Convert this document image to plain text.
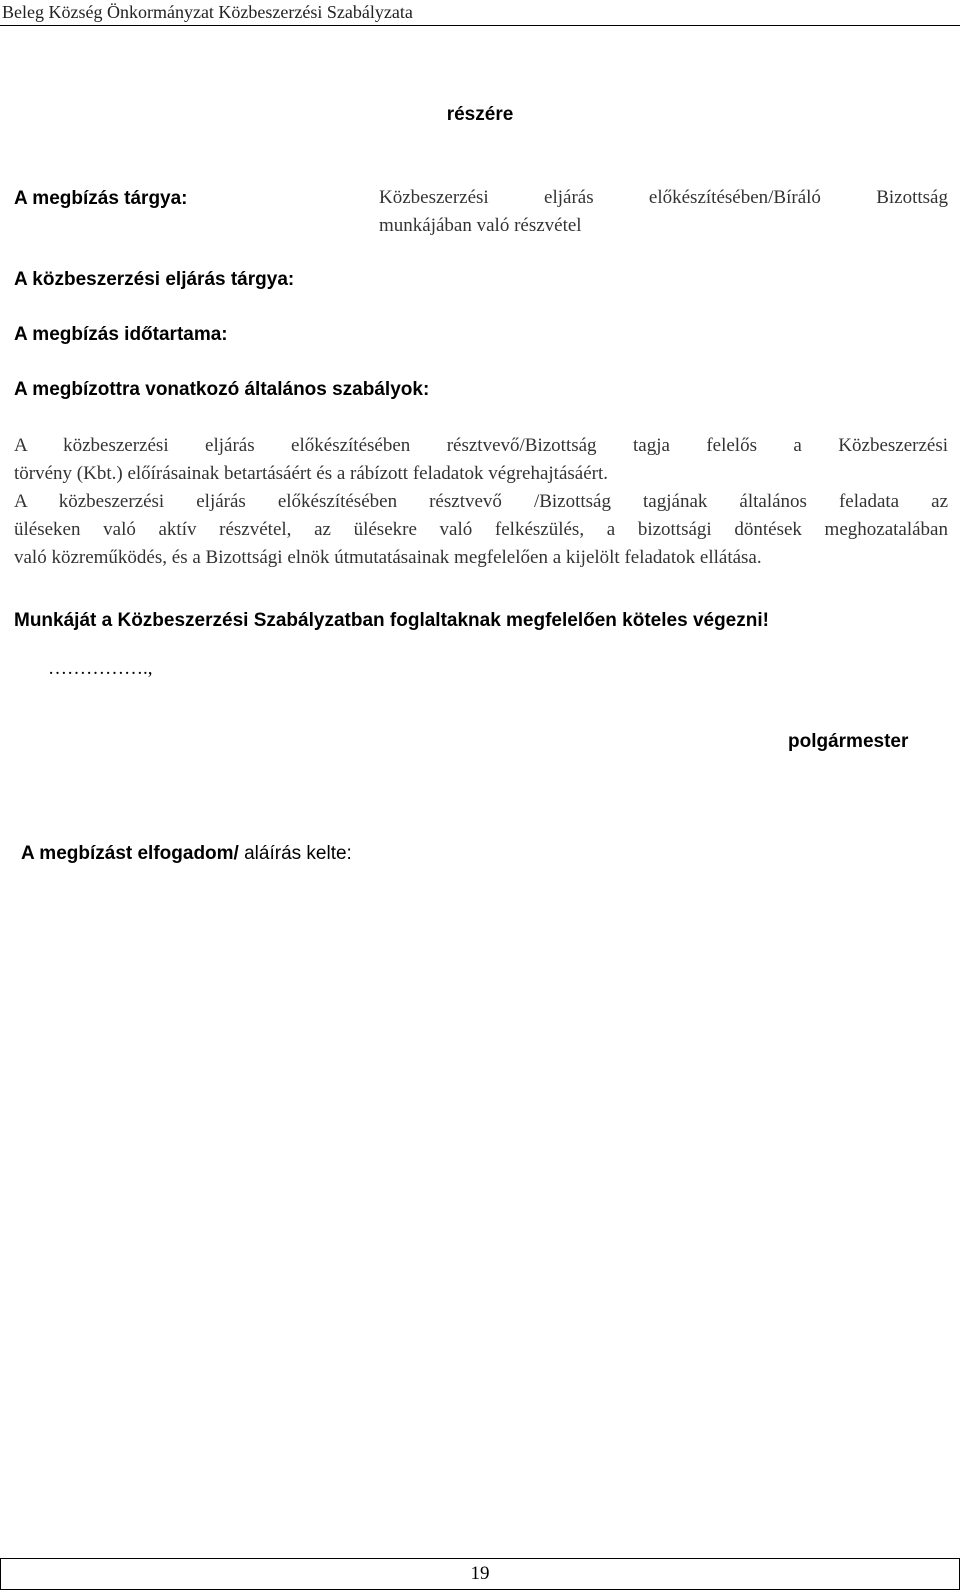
Beleg Község Önkormányzat Közbeszerzési Szabályzata
részére
A megbízás tárgya:	Közbeszerzési eljárás előkészítésében/Bíráló Bizottság
munkájában való részvétel
A közbeszerzési eljárás tárgya:
A megbízás időtartama:
A megbízottra vonatkozó általános szabályok:
A közbeszerzési eljárás előkészítésében résztvevő/Bizottság tagja felelős a Közbeszerzési
törvény (Kbt.) előírásainak betartásáért és a rábízott feladatok végrehajtásáért.
A közbeszerzési eljárás előkészítésében résztvevő /Bizottság tagjának általános feladata az
üléseken való aktív részvétel, az ülésekre való felkészülés, a bizottsági döntések meghozatalában
való közreműködés, és a Bizottsági elnök útmutatásainak megfelelően a kijelölt feladatok ellátása.
Munkáját a Közbeszerzési Szabályzatban foglaltaknak megfelelően köteles végezni!
…………….,
polgármester
A megbízást elfogadom/ aláírás kelte:
19
